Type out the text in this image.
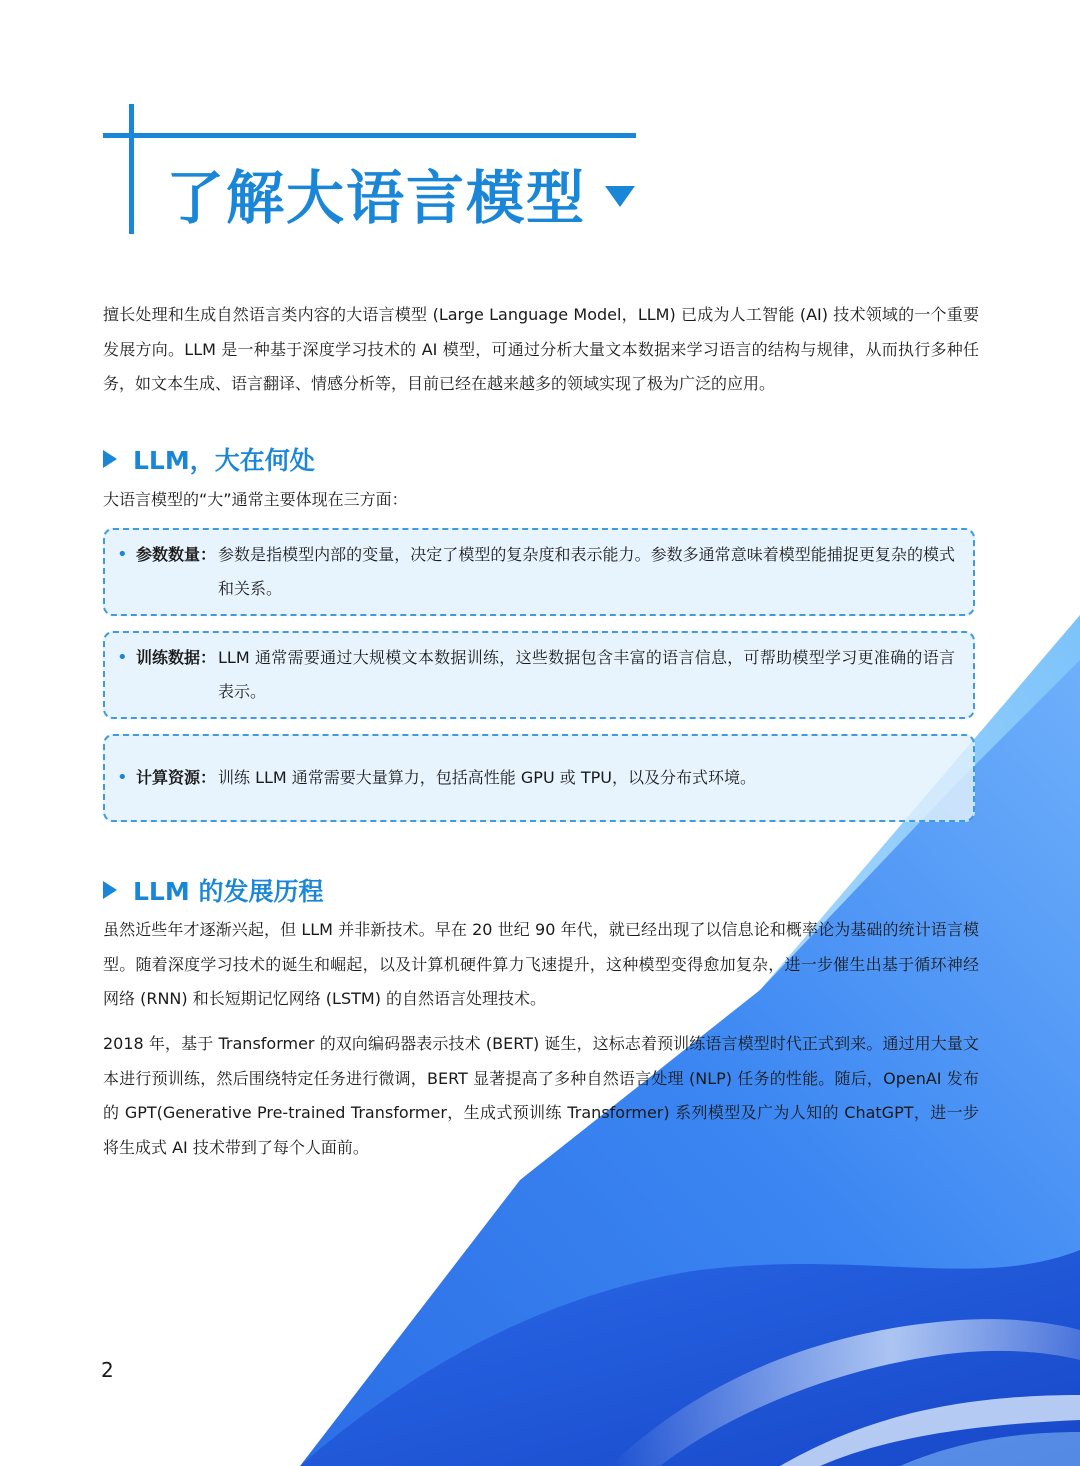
了解大语言模型

擅长处理和生成自然语言类内容的大语言模型 (Large Language Model，LLM) 已成为人工智能 (AI) 技术领域的一个重要发展方向。LLM 是一种基于深度学习技术的 AI 模型，可通过分析大量文本数据来学习语言的结构与规律，从而执行多种任务，如文本生成、语言翻译、情感分析等，目前已经在越来越多的领域实现了极为广泛的应用。

LLM，大在何处

大语言模型的“大”通常主要体现在三方面：

• 参数数量： 参数是指模型内部的变量，决定了模型的复杂度和表示能力。参数多通常意味着模型能捕捉更复杂的模式和关系。
• 训练数据： LLM 通常需要通过大规模文本数据训练，这些数据包含丰富的语言信息，可帮助模型学习更准确的语言表示。
• 计算资源： 训练 LLM 通常需要大量算力，包括高性能 GPU 或 TPU，以及分布式环境。
LLM 的发展历程

虽然近些年才逐渐兴起，但 LLM 并非新技术。早在 20 世纪 90 年代，就已经出现了以信息论和概率论为基础的统计语言模型。随着深度学习技术的诞生和崛起，以及计算机硬件算力飞速提升，这种模型变得愈加复杂，进一步催生出基于循环神经网络 (RNN) 和长短期记忆网络 (LSTM) 的自然语言处理技术。

2018 年，基于 Transformer 的双向编码器表示技术 (BERT) 诞生，这标志着预训练语言模型时代正式到来。通过用大量文本进行预训练，然后围绕特定任务进行微调，BERT 显著提高了多种自然语言处理 (NLP) 任务的性能。随后，OpenAI 发布的 GPT(Generative Pre-trained Transformer，生成式预训练 Transformer) 系列模型及广为人知的 ChatGPT，进一步将生成式 AI 技术带到了每个人面前。

2
